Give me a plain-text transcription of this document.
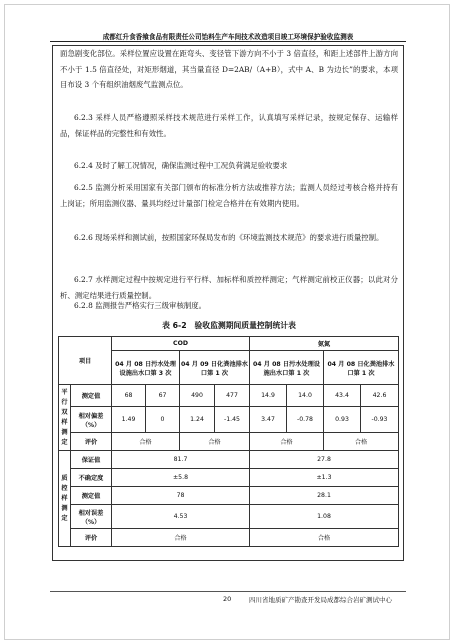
成都红升食香飨食品有限责任公司饴料生产车间技术改造项目竣工环境保护验收监测表

面急剧变化部位。采样位置应设置在距弯头、变径管下游方向不小于 3 倍直径，和距上述部件上游方向不小于 1.5 倍直径处，对矩形烟道，其当量直径 D=2AB/（A+B），式中 A、B 为边长”的要求，本项目布设 3 个有组织油烟废气监测点位。

6.2.3 采样人员严格遵照采样技术规范进行采样工作，认真填写采样记录，按规定保存、运输样品，保证样品的完整性和有效性。

6.2.4 及时了解工况情况，确保监测过程中工况负荷满足验收要求

6.2.5 监测分析采用国家有关部门颁布的标准分析方法或推荐方法；监测人员经过考核合格并持有上岗证；所用监测仪器、量具均经过计量部门检定合格并在有效期内使用。

6.2.6 现场采样和测试前，按照国家环保局发布的《环境监测技术规范》的要求进行质量控制。

6.2.7 水样测定过程中按规定进行平行样、加标样和质控样测定；气样测定前校正仪器；以此对分析、测定结果进行质量控制。

6.2.8 监测报告严格实行三级审核制度。

表 6-2　验收监测期间质量控制统计表
项目		COD				氨氮			
		04 月 08 日污水处理设施出水口第 3 次		04 月 09 日化粪池排水口第 1 次		04 月 08 日污水处理设施出水口第 1 次		04 月 08 日化粪池排水口第 1 次	
平行双样测定	测定值	68	67	490	477	14.9	14.0	43.4	42.6
	相对偏差（%）	1.49	0	1.24	-1.45	3.47	-0.78	0.93	-0.93
	评价	合格		合格		合格		合格	
质控样测定	保证值	81.7				27.8			
	不确定度	±5.8				±1.3			
	测定值	78				28.1			
	相对误差（%）	4.53				1.08			
	评价	合格				合格			
20	四川省地质矿产勘查开发局成都综合岩矿测试中心
